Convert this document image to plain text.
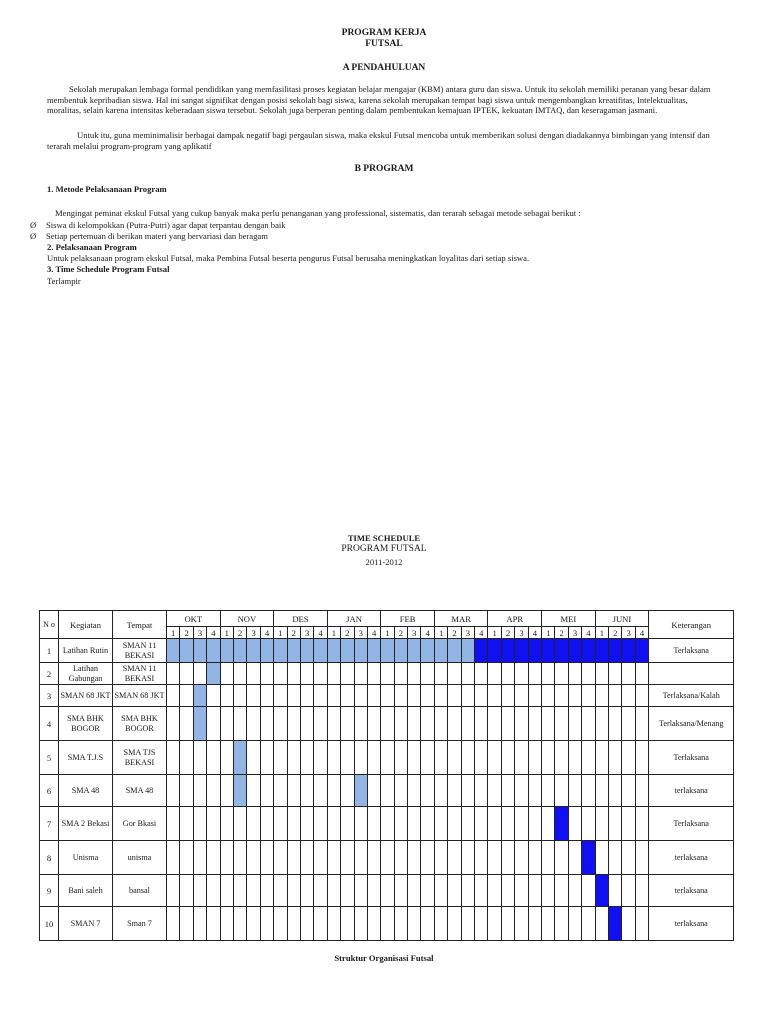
PROGRAM KERJA
FUTSAL
A PENDAHULUAN

Sekolah merupakan lembaga formal pendidikan yang memfasilitasi proses kegiatan belajar mengajar (KBM) antara guru dan siswa. Untuk itu sekolah memiliki peranan yang besar dalam membentuk kepribadian siswa. Hal ini sangat signifikat dengan posisi sekolah bagi siswa, karena sekolah merupakan tempat bagi siswa untuk mengembangkan kreatifitas, Intelektualitas, moralitas, selain karena intensitas keberadaan siswa tersebut. Sekolah juga berperan penting dalam pembentukan kemajuan IPTEK, kekuatan IMTAQ, dan keseragaman jasmani.

Untuk itu, guna meminimalisir berbagai dampak negatif bagi pergaulan siswa, maka ekskul Futsal mencoba untuk memberikan solusi dengan diadakannya bimbingan yang intensif dan terarah melalui program-program yang aplikatif

B PROGRAM
1. Metode Pelaksanaan Program

Mengingat peminat ekskul Futsal yang cukup banyak maka perlu penanganan yang professional, sistematis, dan terarah sebagai metode sebagai berikut :

Ø Siswa di kelompokkan (Putra-Putri) agar dapat terpantau dengan baik
Ø Setiap pertemuan di berikan materi yang bervariasi dan beragam
2. Pelaksanaan Program

Untuk pelaksanaan program ekskul Futsal, maka Pembina Futsal beserta pengurus Futsal berusaha meningkatkan loyalitas dari setiap siswa.

3. Time Schedule Program Futsal
Terlampir
TIME SCHEDULE
PROGRAM FUTSAL
2011-2012
N o	Kegiatan	Tempat	OKT				NOV				DES				JAN				FEB				MAR				APR				MEI				JUNI				Keterangan
			1	2	3	4	1	2	3	4	1	2	3	4	1	2	3	4	1	2	3	4	1	2	3	4	1	2	3	4	1	2	3	4	1	2	3	4	
1	Latihan Rutin	SMAN 11 BEKASI																																					Terlaksana
2	Latihan Gabungan	SMAN 11 BEKASI																																					
3	SMAN 68 JKT	SMAN 68 JKT																																					Terlaksana/Kalah
4	SMA BHK BOGOR	SMA BHK BOGOR																																					Terlaksana/Menang
5	SMA T.J.S	SMA TJS BEKASI																																					Terlaksana
6	SMA 48	SMA 48																																					terlaksana
7	SMA 2 Bekasi	Gor Bkasi																																					Terlaksana
8	Unisma	unisma																																					terlaksana
9	Bani saleh	bansal																																					terlaksana
10	SMAN 7	Sman 7																																					terlaksana
Struktur Organisasi Futsal
